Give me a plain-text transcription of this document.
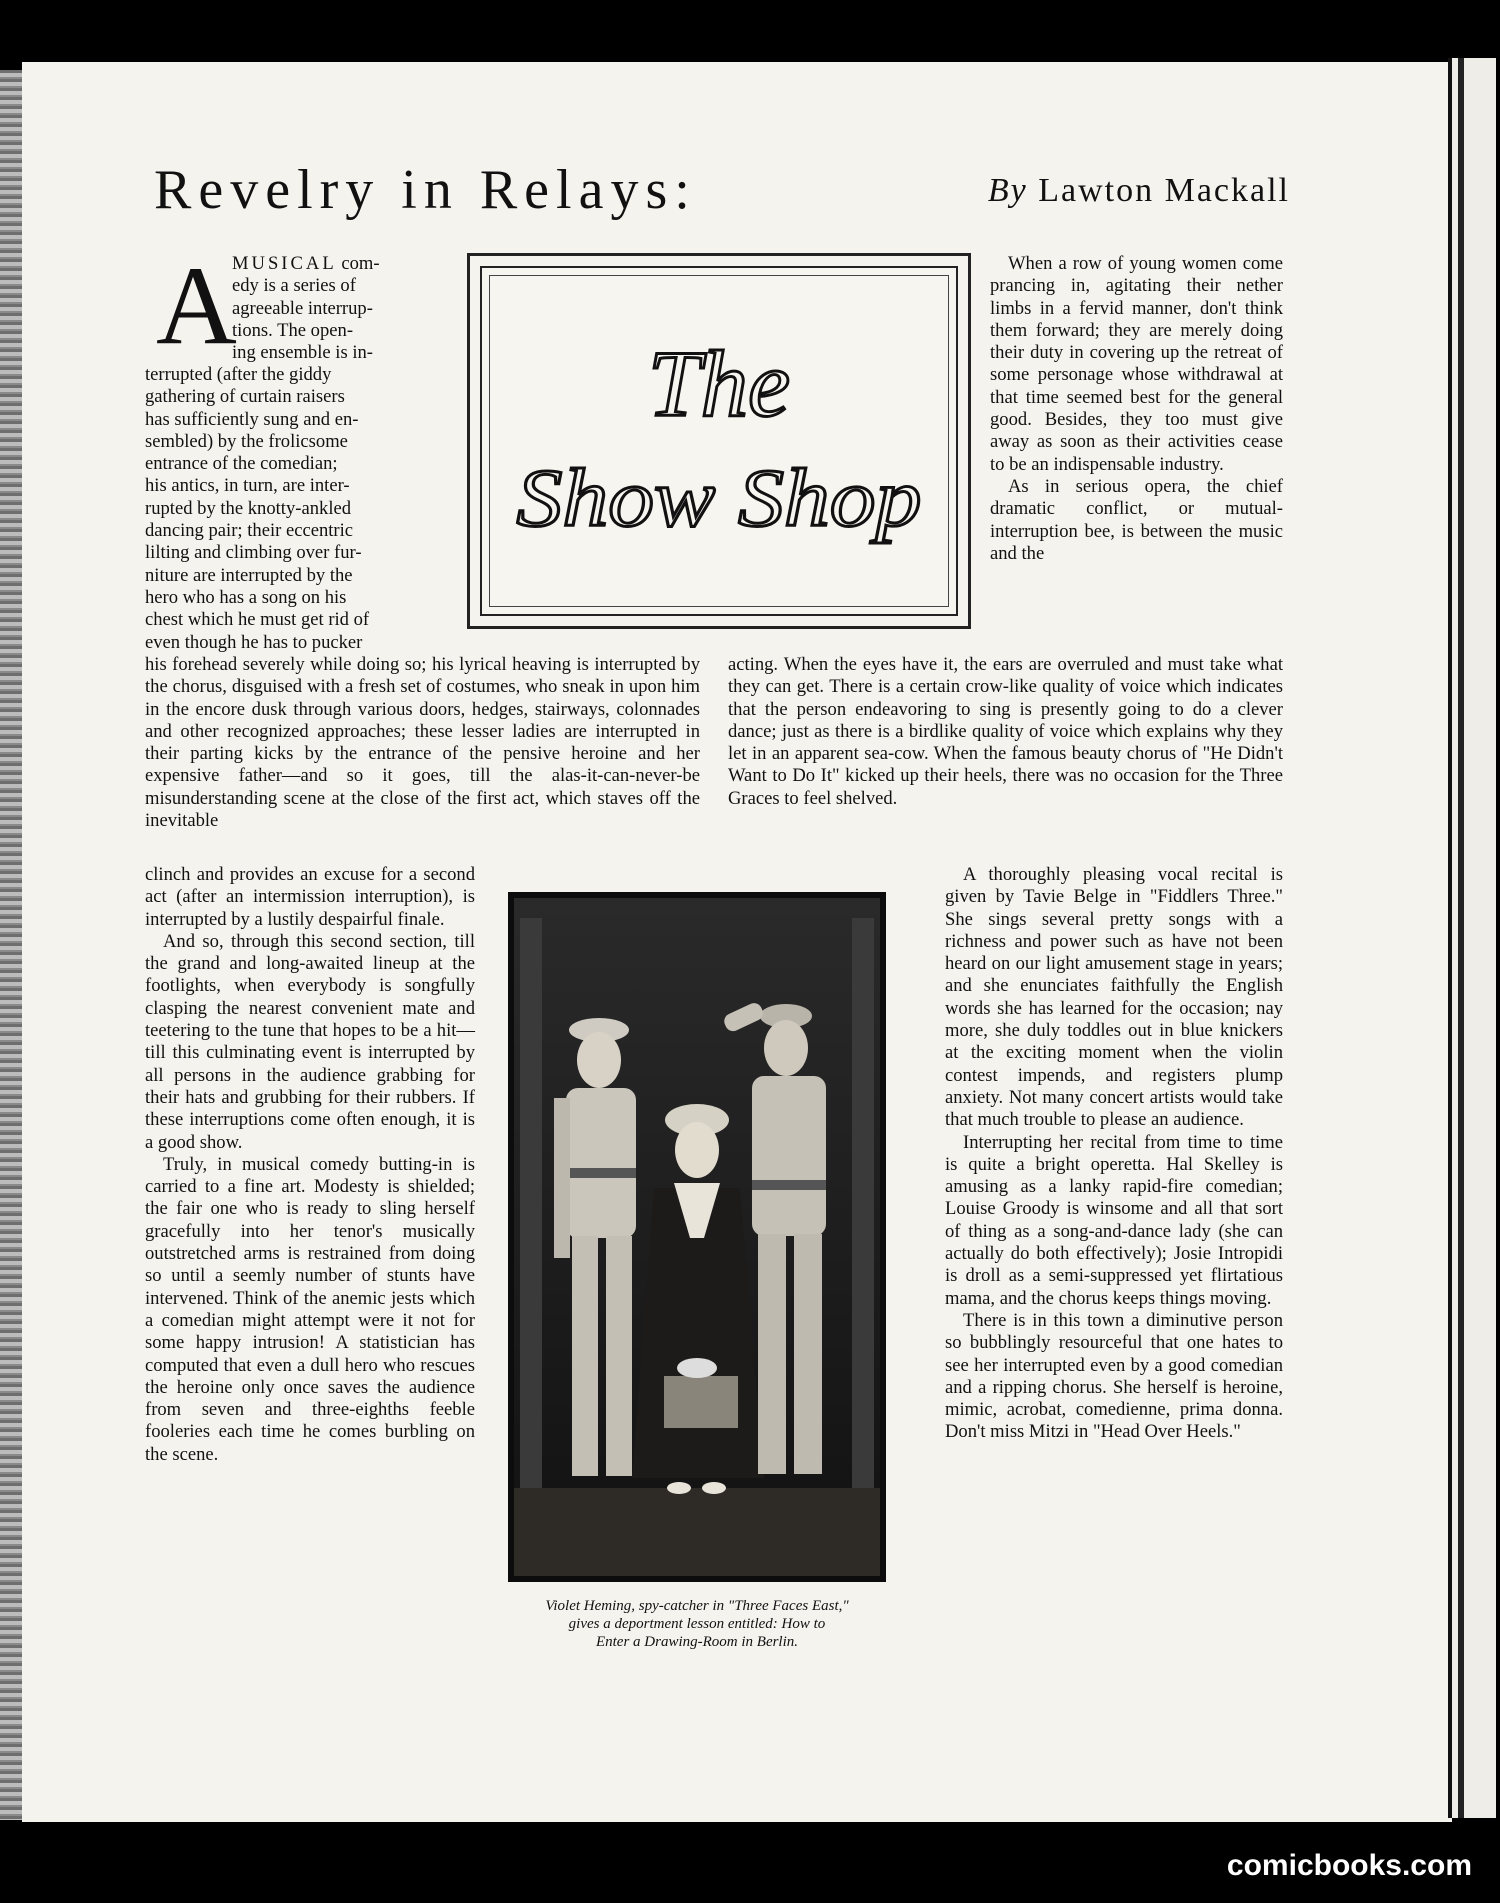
Revelry in Relays:	By Lawton Mackall
A
MUSICAL com-
edy is a series of
agreeable interrup-
tions. The open-
ing ensemble is in-
terrupted (after the giddy
gathering of curtain raisers
has sufficiently sung and en-
sembled) by the frolicsome
entrance of the comedian;
his antics, in turn, are inter-
rupted by the knotty-ankled
dancing pair; their eccentric
lilting and climbing over fur-
niture are interrupted by the
hero who has a song on his
chest which he must get rid of
even though he has to pucker
The
Show Shop

When a row of young women come prancing in, agitating their nether limbs in a fervid manner, don't think them forward; they are merely doing their duty in covering up the retreat of some personage whose withdrawal at that time seemed best for the general good. Besides, they too must give away as soon as their activities cease to be an indispensable industry.

As in serious opera, the chief dramatic conflict, or mutual-interruption bee, is between the music and the

his forehead severely while doing so; his lyrical heaving is interrupted by the chorus, disguised with a fresh set of costumes, who sneak in upon him in the encore dusk through various doors, hedges, stairways, colonnades and other recognized approaches; these lesser ladies are interrupted in their parting kicks by the entrance of the pensive heroine and her expensive father—and so it goes, till the alas-it-can-never-be misunderstanding scene at the close of the first act, which staves off the inevitable

acting. When the eyes have it, the ears are overruled and must take what they can get. There is a certain crow-like quality of voice which indicates that the person endeavoring to sing is presently going to do a clever dance; just as there is a birdlike quality of voice which explains why they let in an apparent sea-cow. When the famous beauty chorus of "He Didn't Want to Do It" kicked up their heels, there was no occasion for the Three Graces to feel shelved.

clinch and provides an excuse for a second act (after an intermission interruption), is interrupted by a lustily despairful finale.

And so, through this second section, till the grand and long-awaited lineup at the footlights, when everybody is songfully clasping the nearest convenient mate and teetering to the tune that hopes to be a hit—till this culminating event is interrupted by all persons in the audience grabbing for their hats and grubbing for their rubbers. If these interruptions come often enough, it is a good show.

Truly, in musical comedy butting-in is carried to a fine art. Modesty is shielded; the fair one who is ready to sling herself gracefully into her tenor's musically outstretched arms is restrained from doing so until a seemly number of stunts have intervened. Think of the anemic jests which a comedian might attempt were it not for some happy intrusion! A statistician has computed that even a dull hero who rescues the heroine only once saves the audience from seven and three-eighths feeble fooleries each time he comes burbling on the scene.

Violet Heming, spy-catcher in "Three Faces East,"
gives a deportment lesson entitled: How to
Enter a Drawing-Room in Berlin.

A thoroughly pleasing vocal recital is given by Tavie Belge in "Fiddlers Three." She sings several pretty songs with a richness and power such as have not been heard on our light amusement stage in years; and she enunciates faithfully the English words she has learned for the occasion; nay more, she duly toddles out in blue knickers at the exciting moment when the violin contest impends, and registers plump anxiety. Not many concert artists would take that much trouble to please an audience.

Interrupting her recital from time to time is quite a bright operetta. Hal Skelley is amusing as a lanky rapid-fire comedian; Louise Groody is winsome and all that sort of thing as a song-and-dance lady (she can actually do both effectively); Josie Intropidi is droll as a semi-suppressed yet flirtatious mama, and the chorus keeps things moving.

There is in this town a diminutive person so bubblingly resourceful that one hates to see her interrupted even by a good comedian and a ripping chorus. She herself is heroine, mimic, acrobat, comedienne, prima donna. Don't miss Mitzi in "Head Over Heels."

comicbooks.com
